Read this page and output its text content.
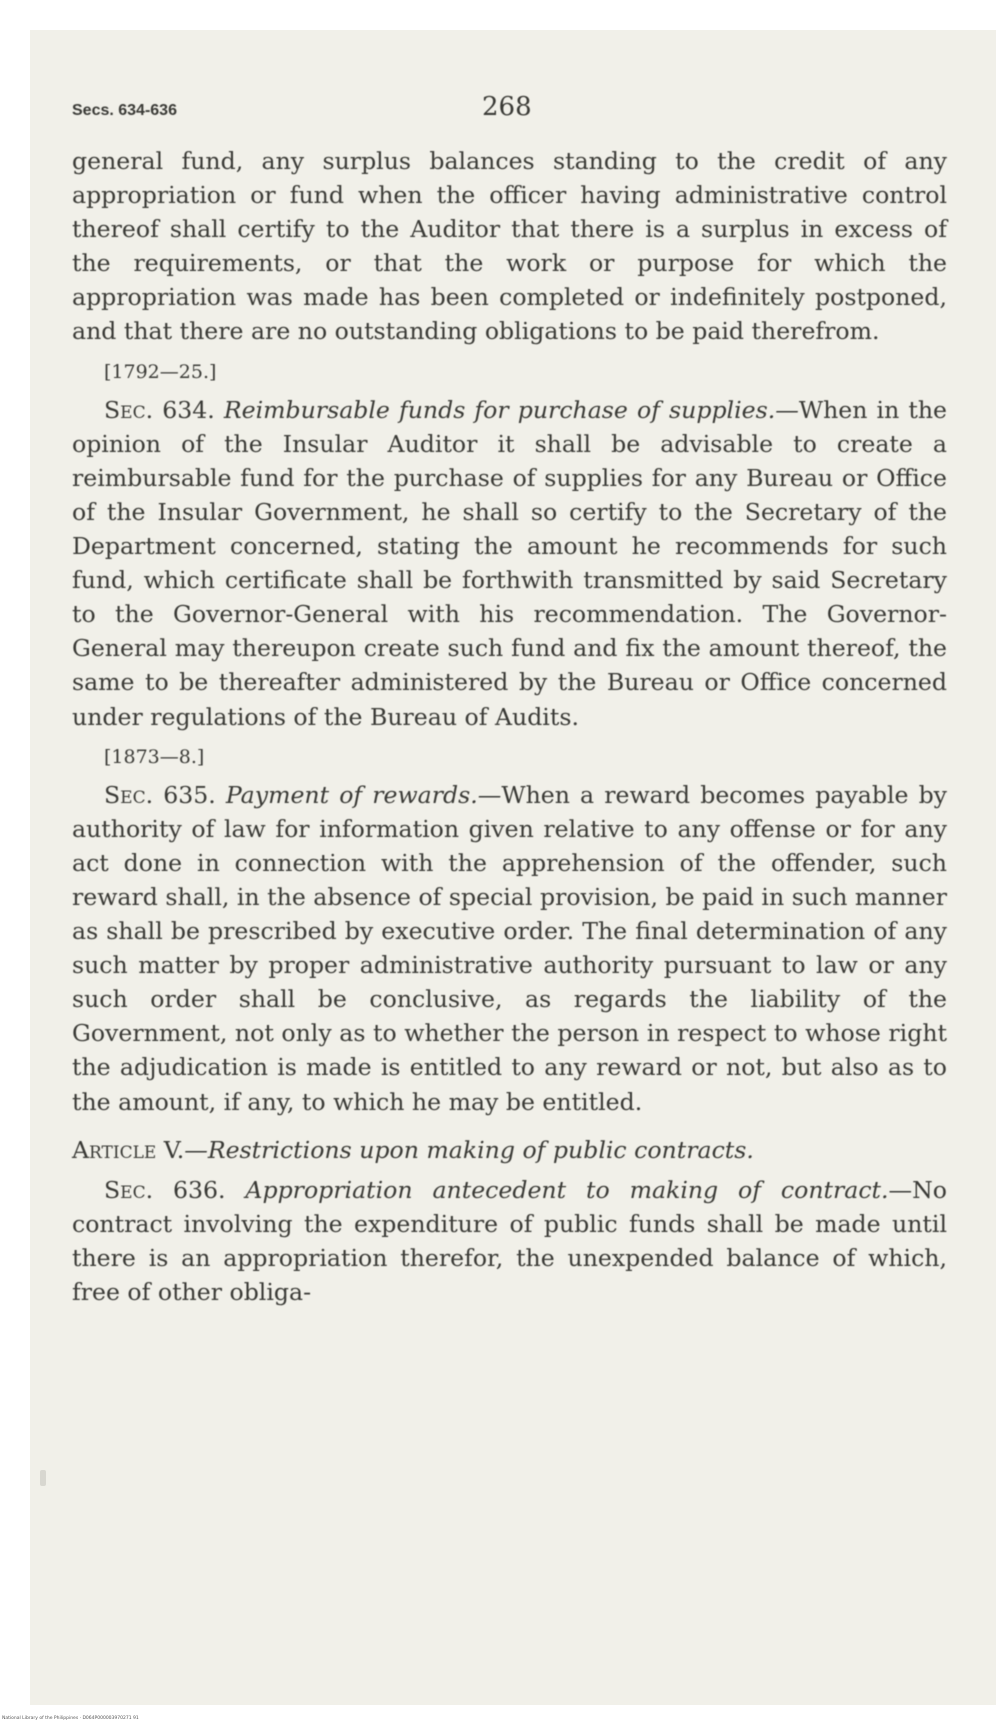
Secs. 634-636	268

general fund, any surplus balances standing to the credit of any appropriation or fund when the officer having administrative control thereof shall certify to the Auditor that there is a surplus in excess of the requirements, or that the work or purpose for which the appropriation was made has been completed or indefinitely postponed, and that there are no outstanding obligations to be paid therefrom.

[1792—25.]

Sec. 634. Reimbursable funds for purchase of supplies.—When in the opinion of the Insular Auditor it shall be advisable to create a reimbursable fund for the purchase of supplies for any Bureau or Office of the Insular Government, he shall so certify to the Secretary of the Department concerned, stating the amount he recommends for such fund, which certificate shall be forthwith transmitted by said Secretary to the Governor-General with his recommendation. The Governor-General may thereupon create such fund and fix the amount thereof, the same to be thereafter administered by the Bureau or Office concerned under regulations of the Bureau of Audits.

[1873—8.]

Sec. 635. Payment of rewards.—When a reward becomes payable by authority of law for information given relative to any offense or for any act done in connection with the apprehension of the offender, such reward shall, in the absence of special provision, be paid in such manner as shall be prescribed by executive order. The final determination of any such matter by proper administrative authority pursuant to law or any such order shall be conclusive, as regards the liability of the Government, not only as to whether the person in respect to whose right the adjudication is made is entitled to any reward or not, but also as to the amount, if any, to which he may be entitled.

Article V.—Restrictions upon making of public contracts.

Sec. 636. Appropriation antecedent to making of contract.—No contract involving the expenditure of public funds shall be made until there is an appropriation therefor, the unexpended balance of which, free of other obliga-

National Library of the Philippines · D064P000003970271 91
